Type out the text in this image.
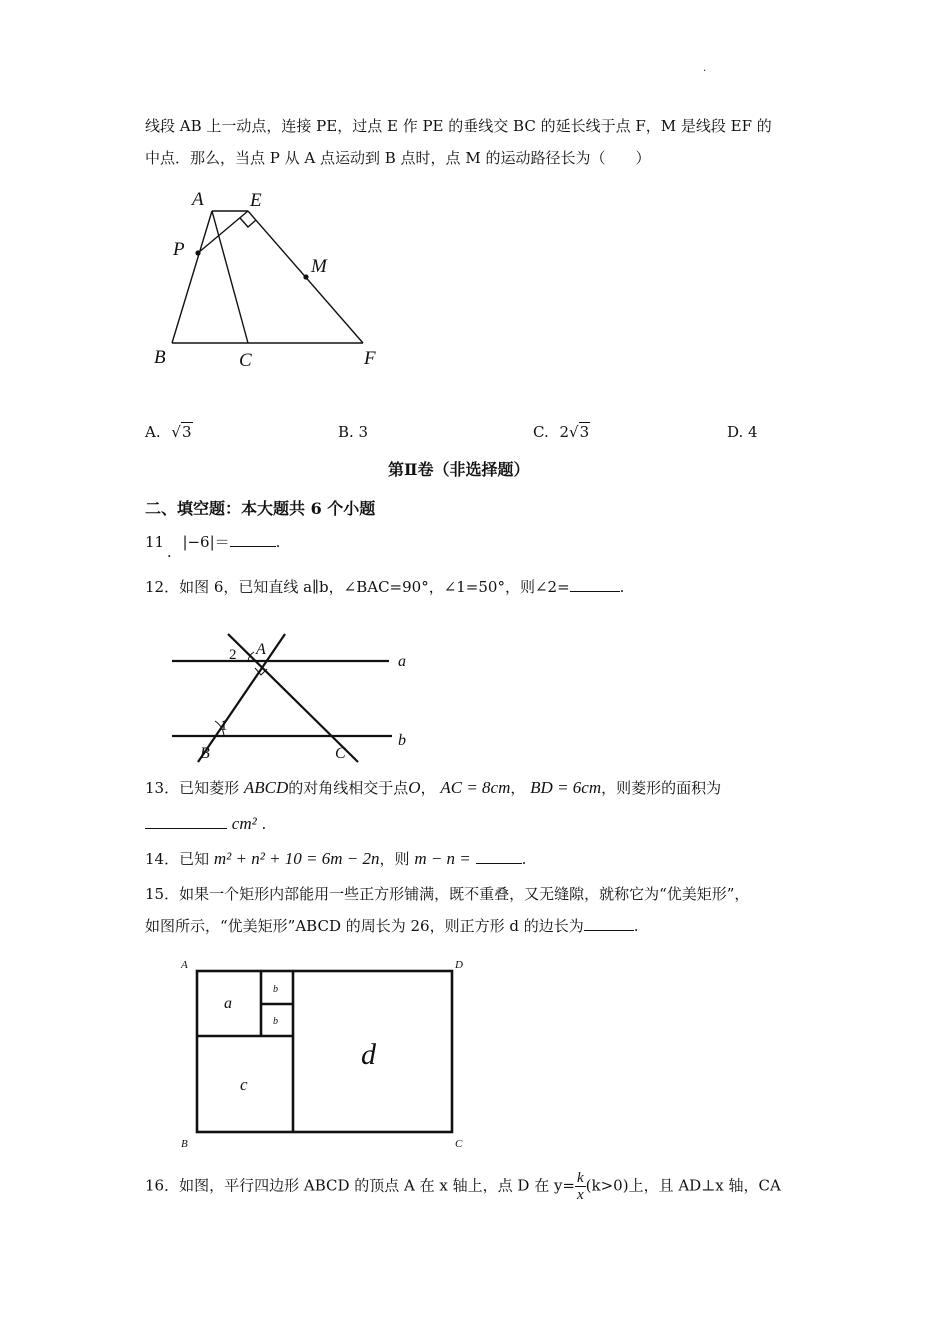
.
线段 AB 上一动点，连接 PE，过点 E 作 PE 的垂线交 BC 的延长线于点 F，M 是线段 EF 的
中点．那么，当点 P 从 A 点运动到 B 点时，点 M 的运动路径长为（　　）
A E
P
M
B	C	F
A. √3	B. 3	C. 2√3	D. 4
第Ⅱ卷（非选择题）
二、填空题：本大题共 6 个小题
11 . |−6|＝	.
12．如图 6，已知直线 a∥b，∠BAC=90°，∠1=50°，则∠2=	.
A
a
b
B	C
1
2
13．已知菱形 ABCD的对角线相交于点O， AC = 8cm， BD = 6cm，则菱形的面积为
cm² .
14．已知 m² + n² + 10 = 6m − 2n，则 m − n =	.
15．如果一个矩形内部能用一些正方形铺满，既不重叠，又无缝隙，就称它为“优美矩形”，
如图所示，“优美矩形”ABCD 的周长为 26，则正方形 d 的边长为	.
A	D
B	C
a
b
b
c
d
16．如图，平行四边形 ABCD 的顶点 A 在 x 轴上，点 D 在 $y= \frac{k}{x} (k>0)$上，且 AD⊥x 轴，CA
